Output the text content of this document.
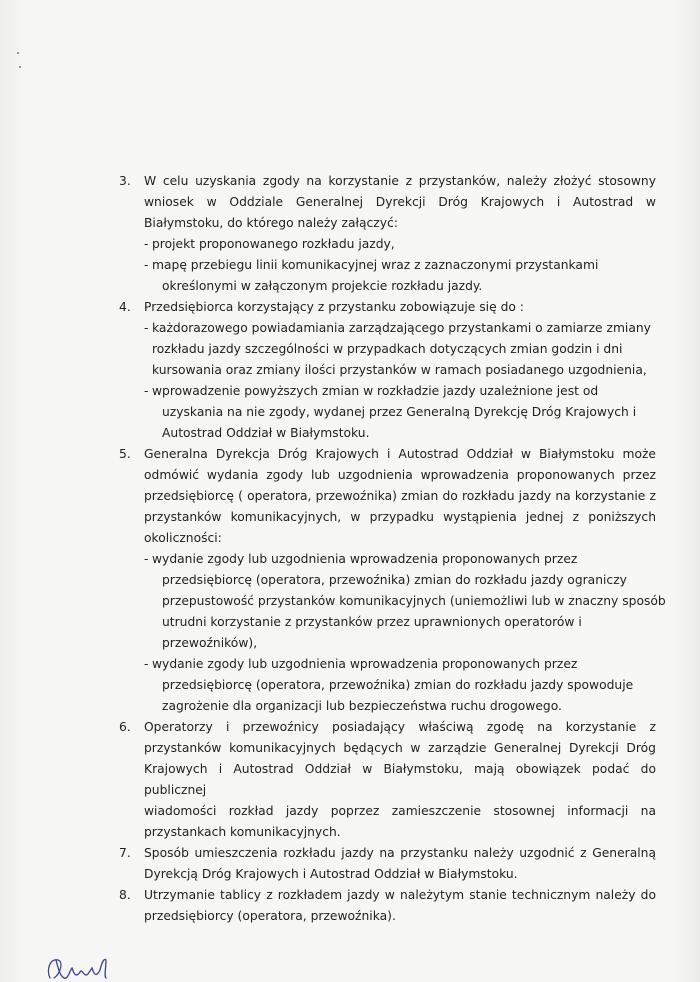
3. W celu uzyskania zgody na korzystanie z przystanków, należy złożyć stosowny
wniosek w Oddziale Generalnej Dyrekcji Dróg Krajowych i Autostrad w
Białymstoku, do którego należy załączyć:
- projekt proponowanego rozkładu jazdy,
- mapę przebiegu linii komunikacyjnej wraz z zaznaczonymi przystankami
określonymi w załączonym projekcie rozkładu jazdy.
4. Przedsiębiorca korzystający z przystanku zobowiązuje się do :
- każdorazowego powiadamiania zarządzającego przystankami o zamiarze zmiany
rozkładu jazdy szczególności w przypadkach dotyczących zmian godzin i dni
kursowania oraz zmiany ilości przystanków w ramach posiadanego uzgodnienia,
- wprowadzenie powyższych zmian w rozkładzie jazdy uzależnione jest od
uzyskania na nie zgody, wydanej przez Generalną Dyrekcję Dróg Krajowych i
Autostrad Oddział w Białymstoku.
5. Generalna Dyrekcja Dróg Krajowych i Autostrad Oddział w Białymstoku może
odmówić wydania zgody lub uzgodnienia wprowadzenia proponowanych przez
przedsiębiorcę ( operatora, przewoźnika) zmian do rozkładu jazdy na korzystanie z
przystanków komunikacyjnych, w przypadku wystąpienia jednej z poniższych
okoliczności:
- wydanie zgody lub uzgodnienia wprowadzenia proponowanych przez
przedsiębiorcę (operatora, przewoźnika) zmian do rozkładu jazdy ograniczy
przepustowość przystanków komunikacyjnych (uniemożliwi lub w znaczny sposób
utrudni korzystanie z przystanków przez uprawnionych operatorów i
przewoźników),
- wydanie zgody lub uzgodnienia wprowadzenia proponowanych przez
przedsiębiorcę (operatora, przewoźnika) zmian do rozkładu jazdy spowoduje
zagrożenie dla organizacji lub bezpieczeństwa ruchu drogowego.
6. Operatorzy i przewoźnicy posiadający właściwą zgodę na korzystanie z
przystanków komunikacyjnych będących w zarządzie Generalnej Dyrekcji Dróg
Krajowych i Autostrad Oddział w Białymstoku, mają obowiązek podać do publicznej
wiadomości rozkład jazdy poprzez zamieszczenie stosownej informacji na
przystankach komunikacyjnych.
7. Sposób umieszczenia rozkładu jazdy na przystanku należy uzgodnić z Generalną
Dyrekcją Dróg Krajowych i Autostrad Oddział w Białymstoku.
8. Utrzymanie tablicy z rozkładem jazdy w należytym stanie technicznym należy do
przedsiębiorcy (operatora, przewoźnika).
